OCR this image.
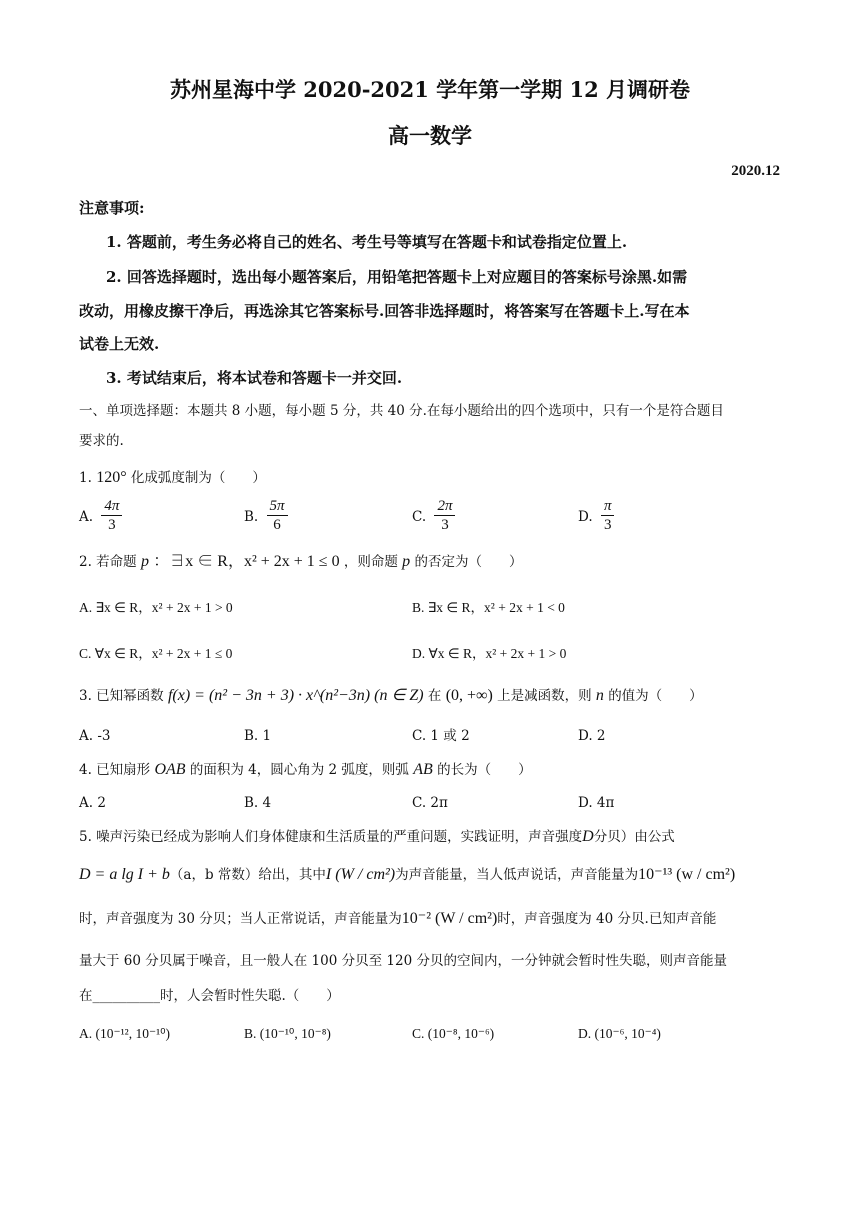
苏州星海中学 2020-2021 学年第一学期 12 月调研卷
高一数学
2020.12
注意事项:
1. 答题前，考生务必将自己的姓名、考生号等填写在答题卡和试卷指定位置上.
2. 回答选择题时，选出每小题答案后，用铅笔把答题卡上对应题目的答案标号涂黑.如需
改动，用橡皮擦干净后，再选涂其它答案标号.回答非选择题时，将答案写在答题卡上.写在本
试卷上无效.
3. 考试结束后，将本试卷和答题卡一并交回.
一、单项选择题：本题共 8 小题，每小题 5 分，共 40 分.在每小题给出的四个选项中，只有一个是符合题目
要求的.
1. 120° 化成弧度制为（　　）
A. $\frac{4\pi}{3}$	B. $\frac{5\pi}{6}$	C. $\frac{2\pi}{3}$	D. $\frac{\pi}{3}$
2. 若命题 p ：∃x ∈ R，x² + 2x + 1 ≤ 0 ，则命题 p 的否定为（　　）
A. ∃x ∈ R，x² + 2x + 1 > 0	B. ∃x ∈ R，x² + 2x + 1 < 0
C. ∀x ∈ R，x² + 2x + 1 ≤ 0	D. ∀x ∈ R，x² + 2x + 1 > 0
3. 已知幂函数 f(x) = (n² − 3n + 3) · x^(n²−3n) (n ∈ Z) 在 (0, +∞) 上是减函数，则 n 的值为（　　）
A. -3	B. 1	C. 1 或 2	D. 2
4. 已知扇形 OAB 的面积为 4，圆心角为 2 弧度，则弧 AB 的长为（　　）
A. 2	B. 4	C. 2π	D. 4π
5. 噪声污染已经成为影响人们身体健康和生活质量的严重问题，实践证明，声音强度D分贝）由公式
D = a lg I + b（a，b 常数）给出，其中I (W / cm²)为声音能量，当人低声说话，声音能量为10⁻¹³ (w / cm²)
时，声音强度为 30 分贝；当人正常说话，声音能量为10⁻² (W / cm²)时，声音强度为 40 分贝.已知声音能
量大于 60 分贝属于噪音，且一般人在 100 分贝至 120 分贝的空间内，一分钟就会暂时性失聪，则声音能量
在__________时，人会暂时性失聪.（　　）
A. (10⁻¹², 10⁻¹⁰)	B. (10⁻¹⁰, 10⁻⁸)	C. (10⁻⁸, 10⁻⁶)	D. (10⁻⁶, 10⁻⁴)
